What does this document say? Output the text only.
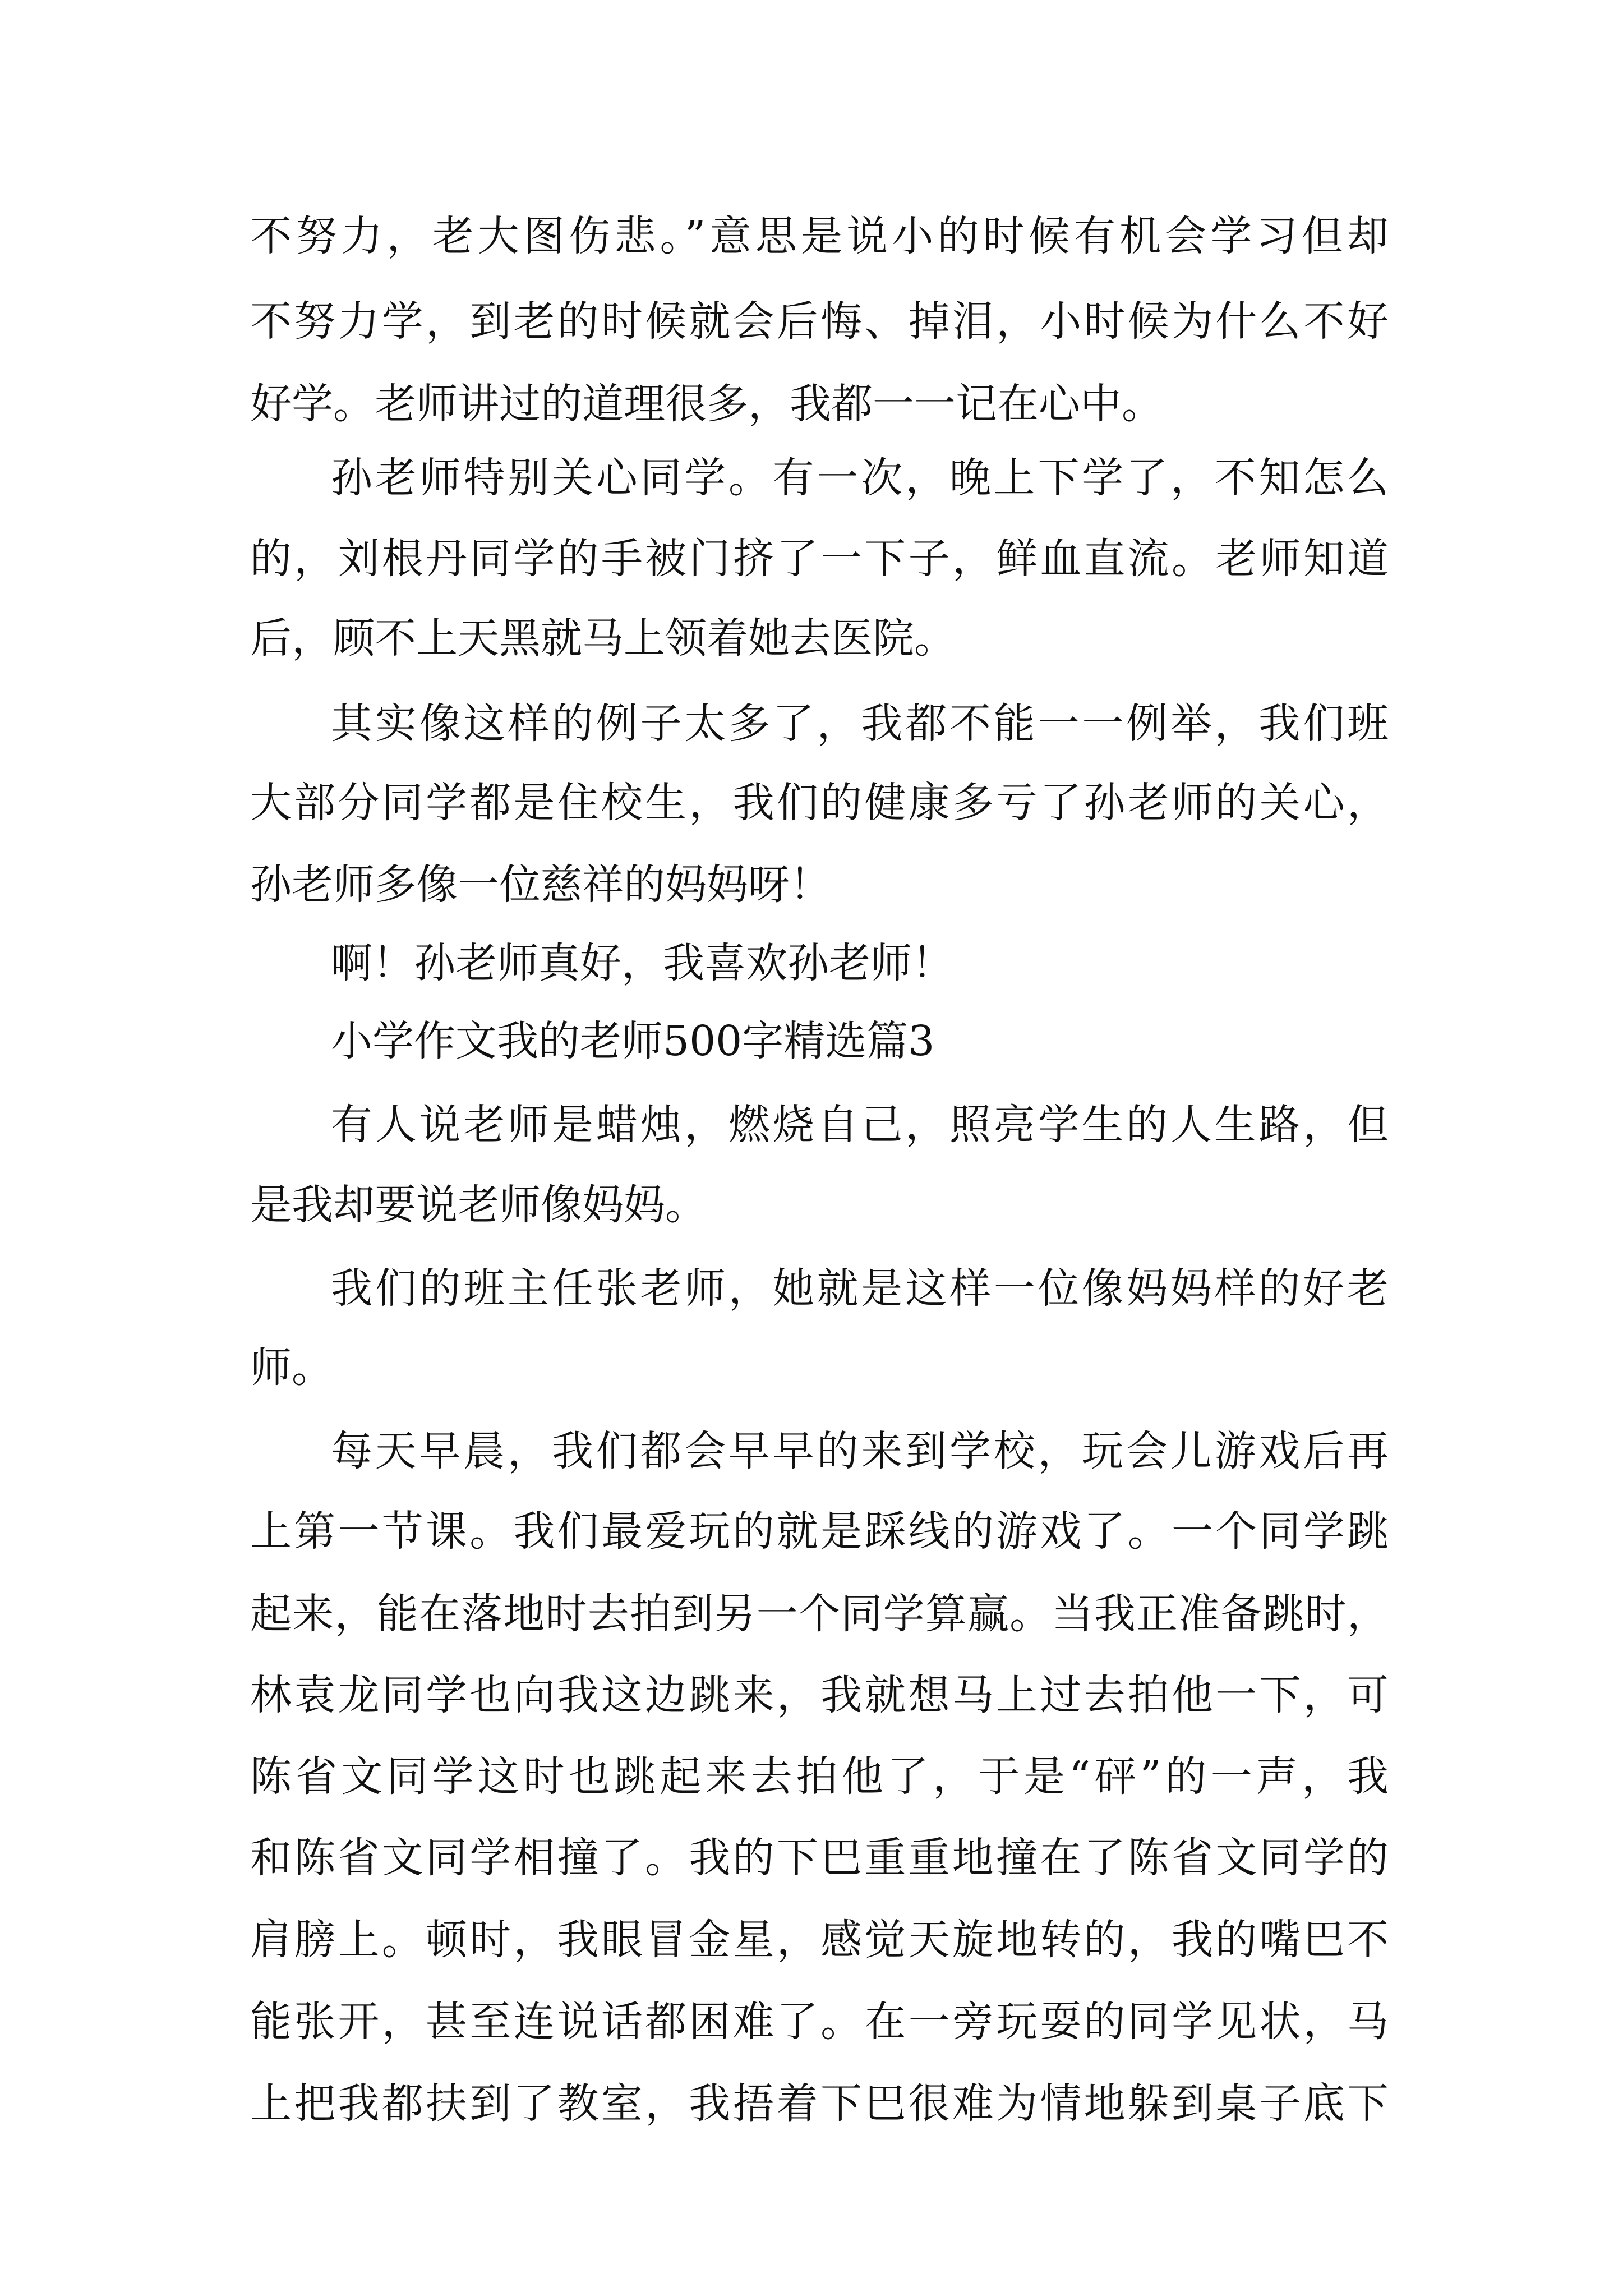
不努力，老大图伤悲。”意思是说小的时候有机会学习但却
不努力学，到老的时候就会后悔、掉泪，小时候为什么不好
好学。老师讲过的道理很多，我都一一记在心中。
孙老师特别关心同学。有一次，晚上下学了，不知怎么
的，刘根丹同学的手被门挤了一下子，鲜血直流。老师知道
后，顾不上天黑就马上领着她去医院。
其实像这样的例子太多了，我都不能一一例举，我们班
大部分同学都是住校生，我们的健康多亏了孙老师的关心，
孙老师多像一位慈祥的妈妈呀！
啊！孙老师真好，我喜欢孙老师！
小学作文我的老师500字精选篇3
有人说老师是蜡烛，燃烧自己，照亮学生的人生路，但
是我却要说老师像妈妈。
我们的班主任张老师，她就是这样一位像妈妈样的好老
师。
每天早晨，我们都会早早的来到学校，玩会儿游戏后再
上第一节课。我们最爱玩的就是踩线的游戏了。一个同学跳
起来，能在落地时去拍到另一个同学算赢。当我正准备跳时，
林袁龙同学也向我这边跳来，我就想马上过去拍他一下，可
陈省文同学这时也跳起来去拍他了，于是“砰”的一声，我
和陈省文同学相撞了。我的下巴重重地撞在了陈省文同学的
肩膀上。顿时，我眼冒金星，感觉天旋地转的，我的嘴巴不
能张开，甚至连说话都困难了。在一旁玩耍的同学见状，马
上把我都扶到了教室，我捂着下巴很难为情地躲到桌子底下
